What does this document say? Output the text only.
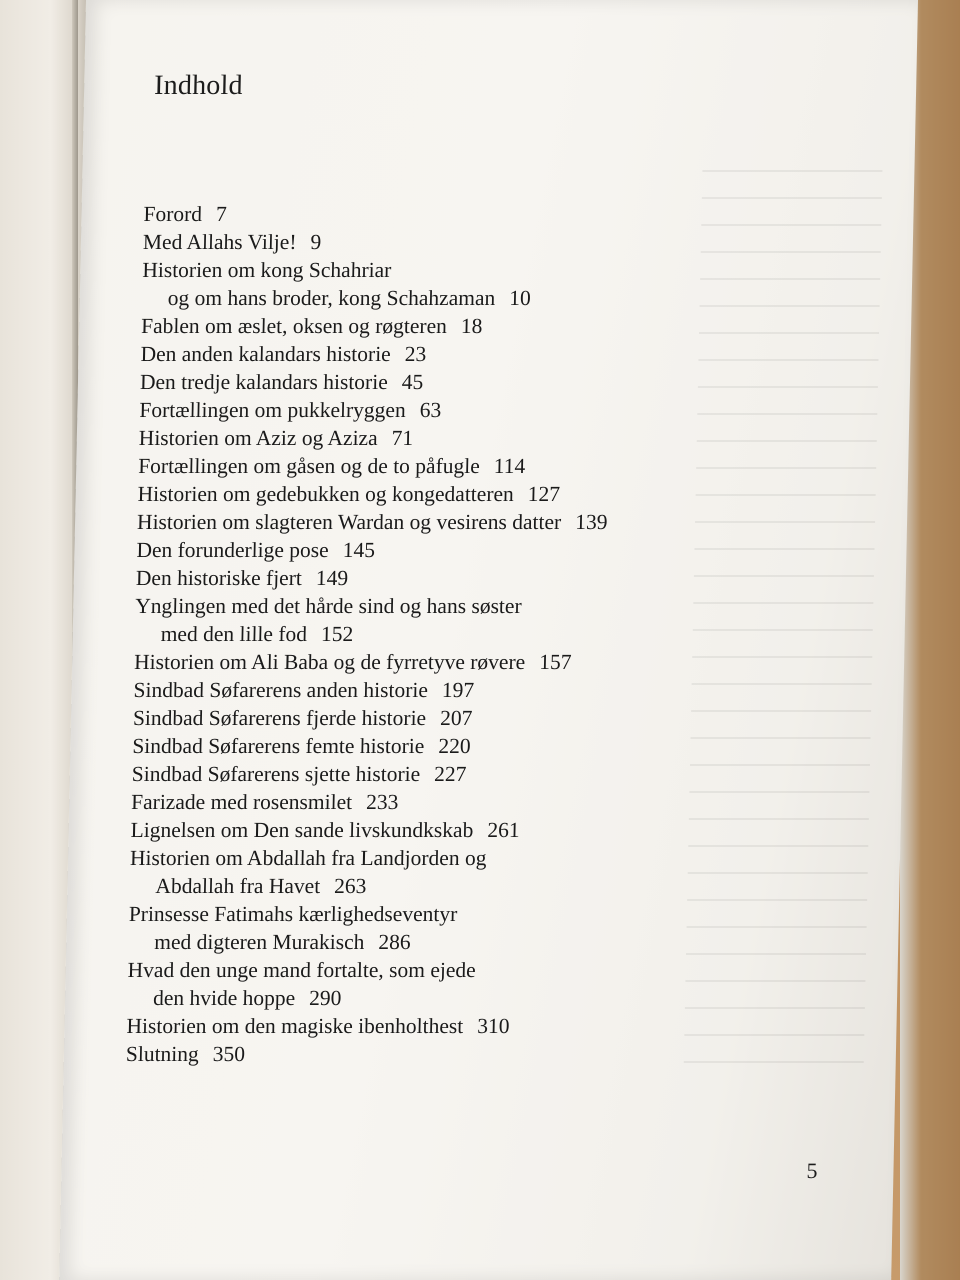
Indhold
Forord 7
Med Allahs Vilje! 9
Historien om kong Schahriar
og om hans broder, kong Schahzaman 10
Fablen om æslet, oksen og røgteren 18
Den anden kalandars historie 23
Den tredje kalandars historie 45
Fortællingen om pukkelryggen 63
Historien om Aziz og Aziza 71
Fortællingen om gåsen og de to påfugle 114
Historien om gedebukken og kongedatteren 127
Historien om slagteren Wardan og vesirens datter 139
Den forunderlige pose 145
Den historiske fjert 149
Ynglingen med det hårde sind og hans søster
med den lille fod 152
Historien om Ali Baba og de fyrretyve røvere 157
Sindbad Søfarerens anden historie 197
Sindbad Søfarerens fjerde historie 207
Sindbad Søfarerens femte historie 220
Sindbad Søfarerens sjette historie 227
Farizade med rosensmilet 233
Lignelsen om Den sande livskundkskab 261
Historien om Abdallah fra Landjorden og
Abdallah fra Havet 263
Prinsesse Fatimahs kærlighedseventyr
med digteren Murakisch 286
Hvad den unge mand fortalte, som ejede
den hvide hoppe 290
Historien om den magiske ibenholthest 310
Slutning 350
5
